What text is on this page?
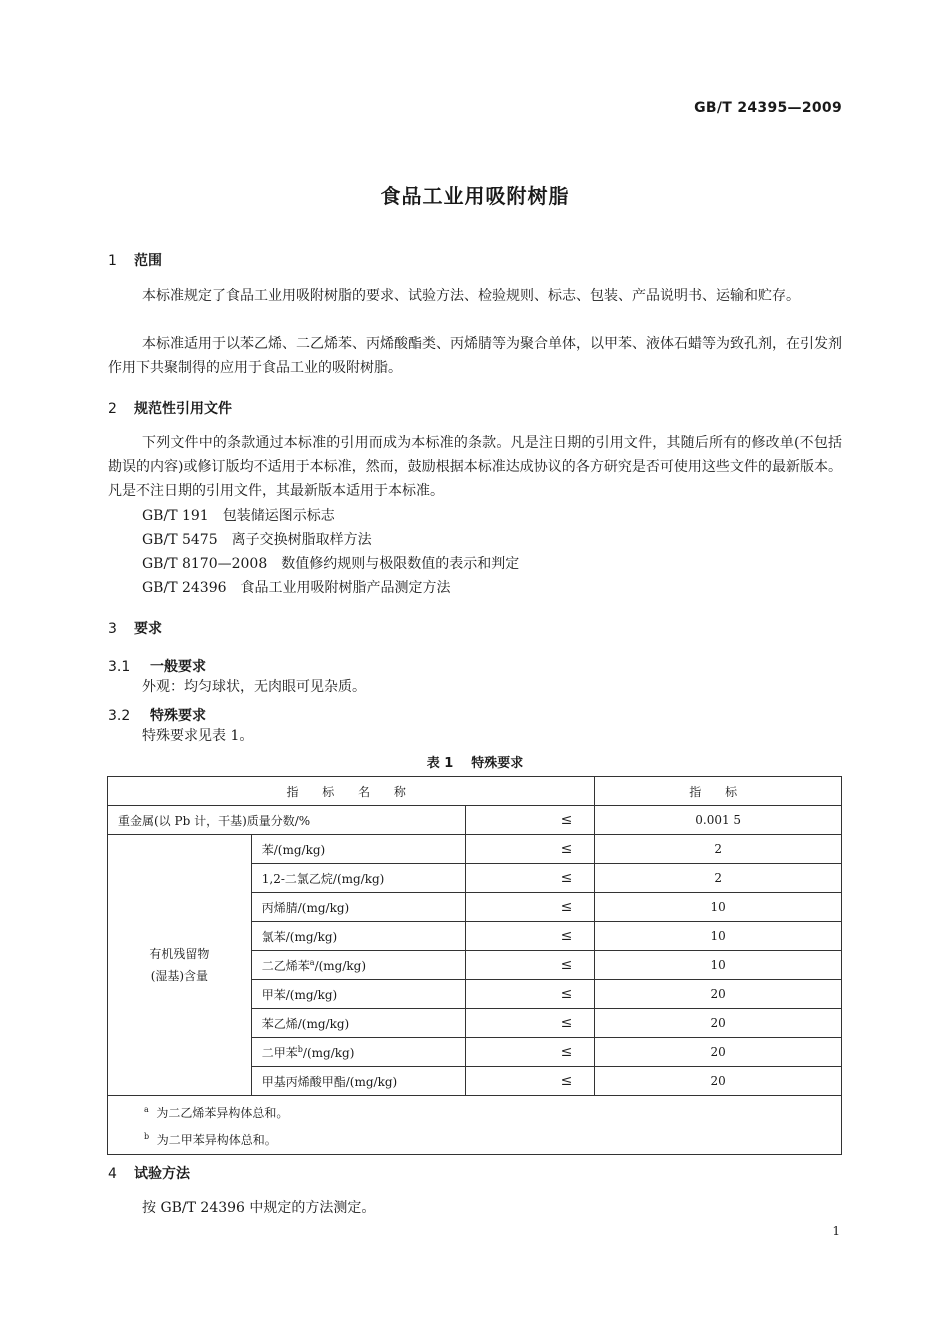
GB/T 24395—2009
食品工业用吸附树脂
1 范围
本标准规定了食品工业用吸附树脂的要求、试验方法、检验规则、标志、包装、产品说明书、运输和贮存。
本标准适用于以苯乙烯、二乙烯苯、丙烯酸酯类、丙烯腈等为聚合单体，以甲苯、液体石蜡等为致孔剂，在引发剂作用下共聚制得的应用于食品工业的吸附树脂。
2 规范性引用文件
下列文件中的条款通过本标准的引用而成为本标准的条款。凡是注日期的引用文件，其随后所有的修改单(不包括勘误的内容)或修订版均不适用于本标准，然而，鼓励根据本标准达成协议的各方研究是否可使用这些文件的最新版本。凡是不注日期的引用文件，其最新版本适用于本标准。
GB/T 191 包装储运图示标志
GB/T 5475 离子交换树脂取样方法
GB/T 8170—2008 数值修约规则与极限数值的表示和判定
GB/T 24396 食品工业用吸附树脂产品测定方法
3 要求
3.1 一般要求
外观：均匀球状，无肉眼可见杂质。
3.2 特殊要求
特殊要求见表 1。
表 1 特殊要求
指 标 名 称			指 标
重金属(以 Pb 计，干基)质量分数/%		≤	0.001 5

有机残留物
(湿基)含量	苯/(mg/kg)	≤	2
	1,2-二氯乙烷/(mg/kg)	≤	2
	丙烯腈/(mg/kg)	≤	10
	氯苯/(mg/kg)	≤	10
	二乙烯苯$^a$/(mg/kg)	≤	10
	甲苯/(mg/kg)	≤	20
	苯乙烯/(mg/kg)	≤	20
	二甲苯$^b$/(mg/kg)	≤	20
	甲基丙烯酸甲酯/(mg/kg)	≤	20

$^a$ 为二乙烯苯异构体总和。
$^b$ 为二甲苯异构体总和。			
4 试验方法
按 GB/T 24396 中规定的方法测定。
1
